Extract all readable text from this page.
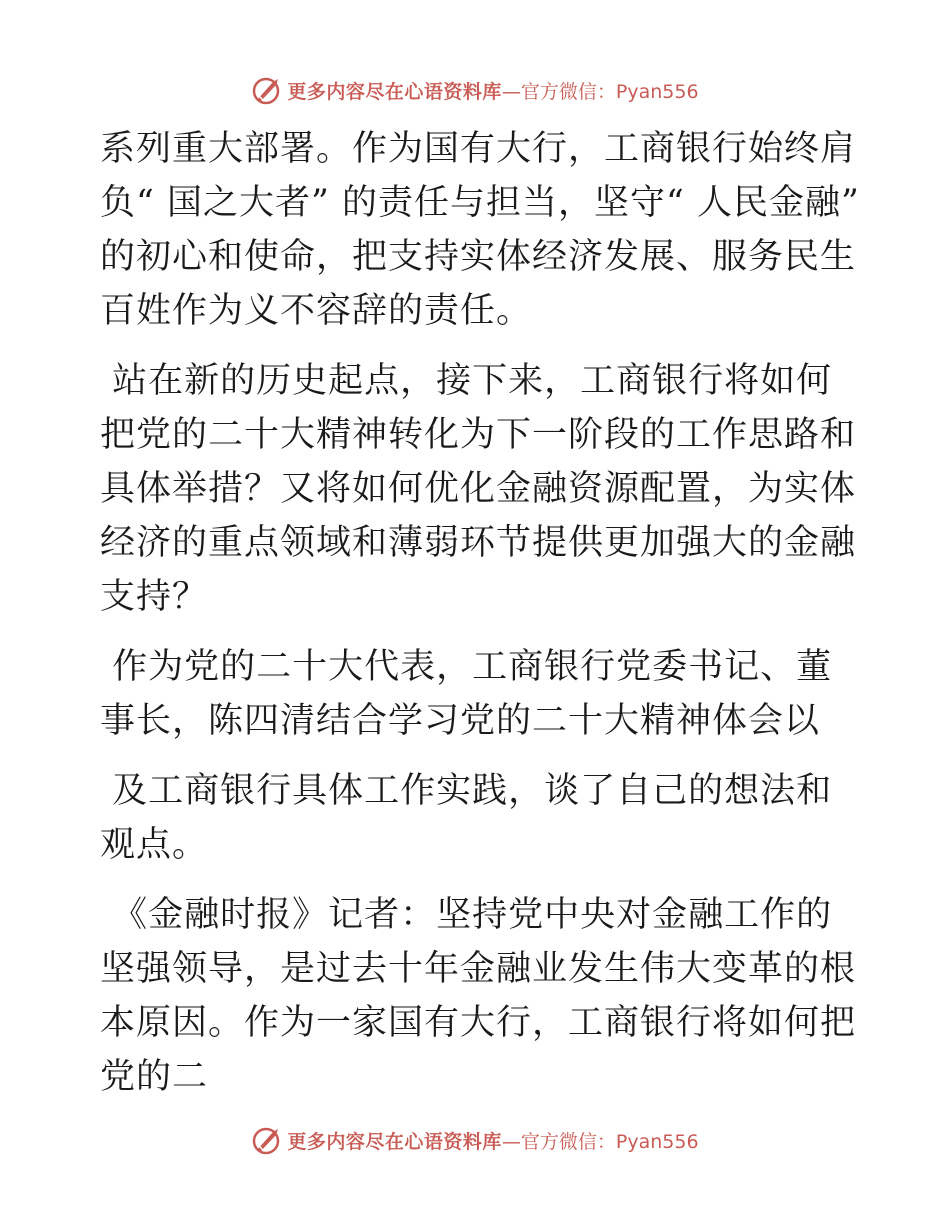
更多内容尽在心语资料库 —官方微信：Pyan556

系列重大部署。作为国有大行，工商银行始终肩负“ 国之大者” 的责任与担当，坚守“ 人民金融” 的初心和使命，把支持实体经济发展、服务民生百姓作为义不容辞的责任。

站在新的历史起点，接下来，工商银行将如何把党的二十大精神转化为下一阶段的工作思路和具体举措？又将如何优化金融资源配置，为实体经济的重点领域和薄弱环节提供更加强大的金融支持？

作为党的二十大代表，工商银行党委书记、董事长，陈四清结合学习党的二十大精神体会以

及工商银行具体工作实践，谈了自己的想法和观点。

《金融时报》记者：坚持党中央对金融工作的坚强领导，是过去十年金融业发生伟大变革的根本原因。作为一家国有大行，工商银行将如何把党的二

更多内容尽在心语资料库 —官方微信：Pyan556
